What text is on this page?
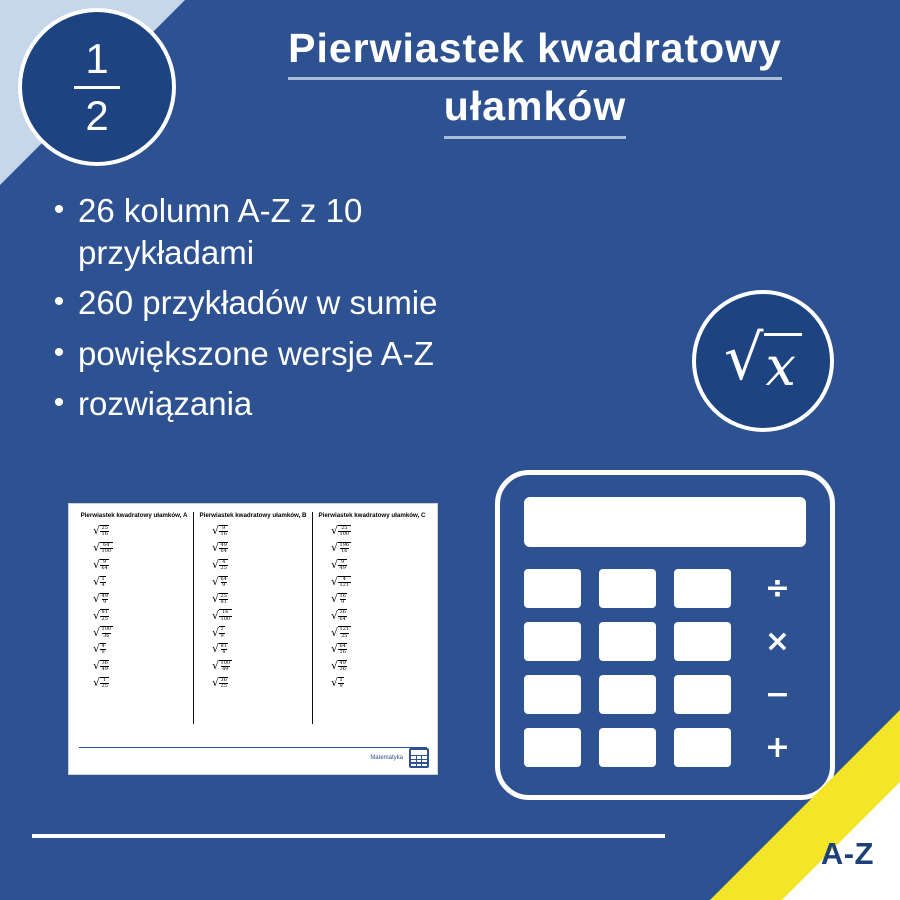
$\frac{1}{2}$	Pierwiastek kwadratowy
ułamków
• 26 kolumn A-Z z 10 przykładami
• 260 przykładów w sumie
• powiększone wersje A-Z
• rozwiązania
√ x
Pierwiastek kwadratowy ułamków, A
√ $\frac{25}{16}$
√ $\frac{64}{100}$
√ $\frac{9}{64}$
√ $\frac{1}{4}$
√ $\frac{49}{9}$
√ $\frac{81}{25}$
√ $\frac{100}{36}$
√ $\frac{4}{9}$
√ $\frac{36}{49}$
√ $\frac{1}{25}$
Pierwiastek kwadratowy ułamków, B
√ $\frac{9}{16}$
√ $\frac{49}{64}$
√ $\frac{4}{25}$
√ $\frac{64}{9}$
√ $\frac{25}{81}$
√ $\frac{16}{100}$
√ $\frac{1}{9}$
√ $\frac{81}{4}$
√ $\frac{100}{49}$
√ $\frac{36}{25}$
Pierwiastek kwadratowy ułamków, C
√ $\frac{25}{100}$
√ $\frac{196}{16}$
√ $\frac{9}{49}$
√ $\frac{4}{121}$
√ $\frac{16}{9}$
√ $\frac{36}{64}$
√ $\frac{121}{25}$
√ $\frac{64}{16}$
√ $\frac{49}{36}$
√ $\frac{1}{9}$
Matematyka
÷
×
−
+
A-Z
